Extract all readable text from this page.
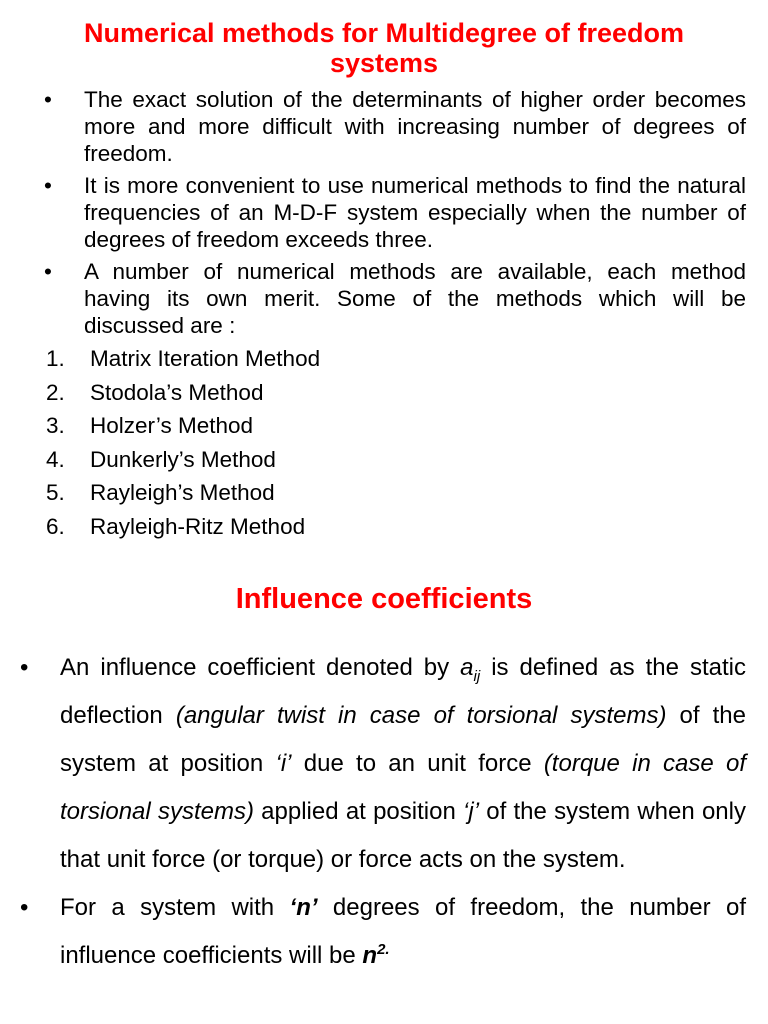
Numerical methods for Multidegree of freedom
systems
• The exact solution of the determinants of higher order becomes more and more difficult with increasing number of degrees of freedom.
• It is more convenient to use numerical methods to find the natural frequencies of an M-D-F system especially when the number of degrees of freedom exceeds three.
• A number of numerical methods are available, each method having its own merit. Some of the methods which will be discussed are :
1. Matrix Iteration Method
2. Stodola’s Method
3. Holzer’s Method
4. Dunkerly’s Method
5. Rayleigh’s Method
6. Rayleigh-Ritz Method
Influence coefficients
• An influence coefficient denoted by $a_{ij}$ is defined as the static deflection (angular twist in case of torsional systems) of the system at position ‘i’ due to an unit force (torque in case of torsional systems) applied at position ‘j’ of the system when only that unit force (or torque) or force acts on the system.
• For a system with ‘n’ degrees of freedom, the number of influence coefficients will be $n^{2.}$
